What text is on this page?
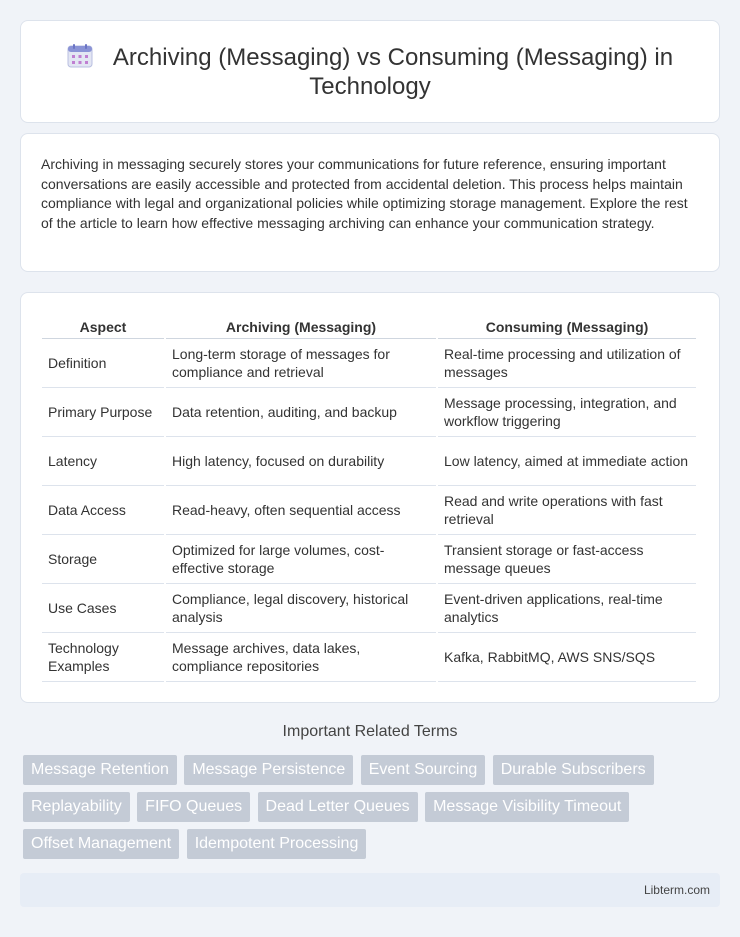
Archiving (Messaging) vs Consuming (Messaging) in Technology

Archiving in messaging securely stores your communications for future reference, ensuring important conversations are easily accessible and protected from accidental deletion. This process helps maintain compliance with legal and organizational policies while optimizing storage management. Explore the rest of the article to learn how effective messaging archiving can enhance your communication strategy.

Aspect	Archiving (Messaging)	Consuming (Messaging)
Definition	Long-term storage of messages for compliance and retrieval	Real-time processing and utilization of messages
Primary Purpose	Data retention, auditing, and backup	Message processing, integration, and workflow triggering
Latency	High latency, focused on durability	Low latency, aimed at immediate action
Data Access	Read-heavy, often sequential access	Read and write operations with fast retrieval
Storage	Optimized for large volumes, cost-effective storage	Transient storage or fast-access message queues
Use Cases	Compliance, legal discovery, historical analysis	Event-driven applications, real-time analytics
Technology Examples	Message archives, data lakes, compliance repositories	Kafka, RabbitMQ, AWS SNS/SQS
Important Related Terms
Message Retention Message Persistence Event Sourcing Durable Subscribers Replayability FIFO Queues Dead Letter Queues Message Visibility Timeout Offset Management Idempotent Processing
Libterm.com
